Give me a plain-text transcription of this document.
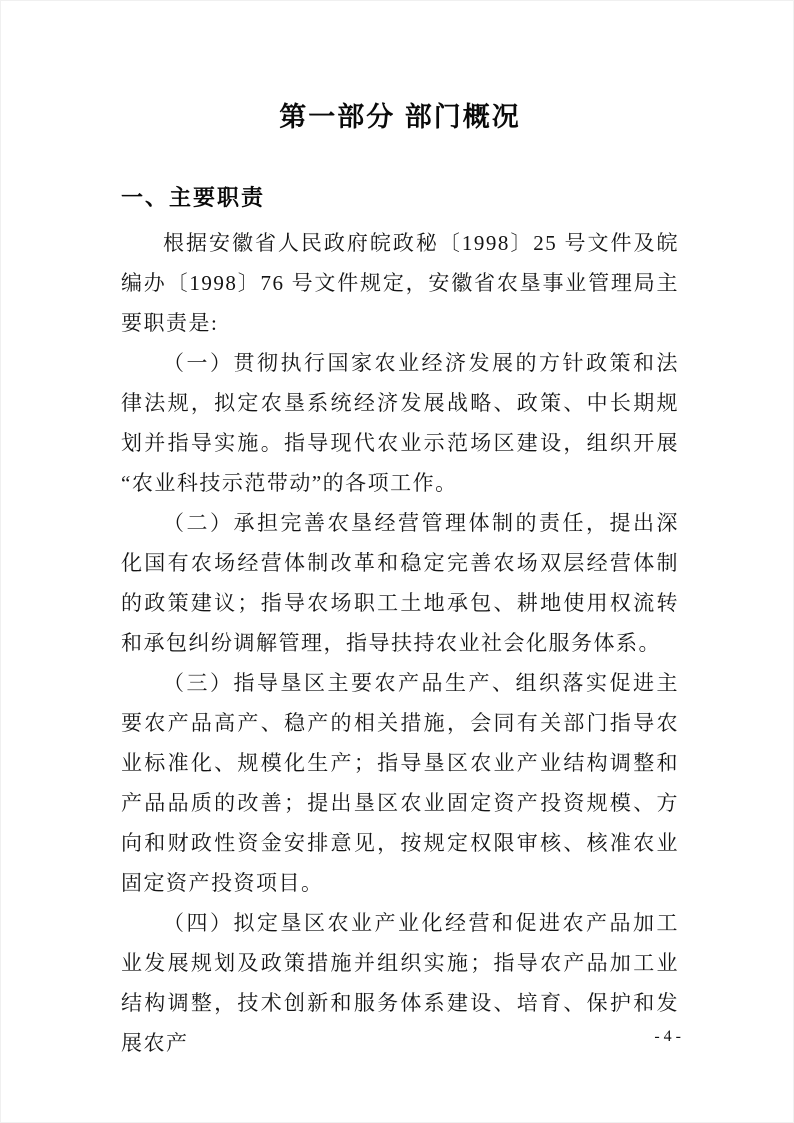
第一部分 部门概况
一、主要职责

根据安徽省人民政府皖政秘〔1998〕25 号文件及皖编办〔1998〕76 号文件规定，安徽省农垦事业管理局主要职责是:

（一）贯彻执行国家农业经济发展的方针政策和法律法规，拟定农垦系统经济发展战略、政策、中长期规划并指导实施。指导现代农业示范场区建设，组织开展“农业科技示范带动”的各项工作。

（二）承担完善农垦经营管理体制的责任，提出深化国有农场经营体制改革和稳定完善农场双层经营体制的政策建议；指导农场职工土地承包、耕地使用权流转和承包纠纷调解管理，指导扶持农业社会化服务体系。

（三）指导垦区主要农产品生产、组织落实促进主要农产品高产、稳产的相关措施，会同有关部门指导农业标准化、规模化生产；指导垦区农业产业结构调整和产品品质的改善；提出垦区农业固定资产投资规模、方向和财政性资金安排意见，按规定权限审核、核准农业固定资产投资项目。

（四）拟定垦区农业产业化经营和促进农产品加工业发展规划及政策措施并组织实施；指导农产品加工业结构调整，技术创新和服务体系建设、培育、保护和发展农产	- 4 -
